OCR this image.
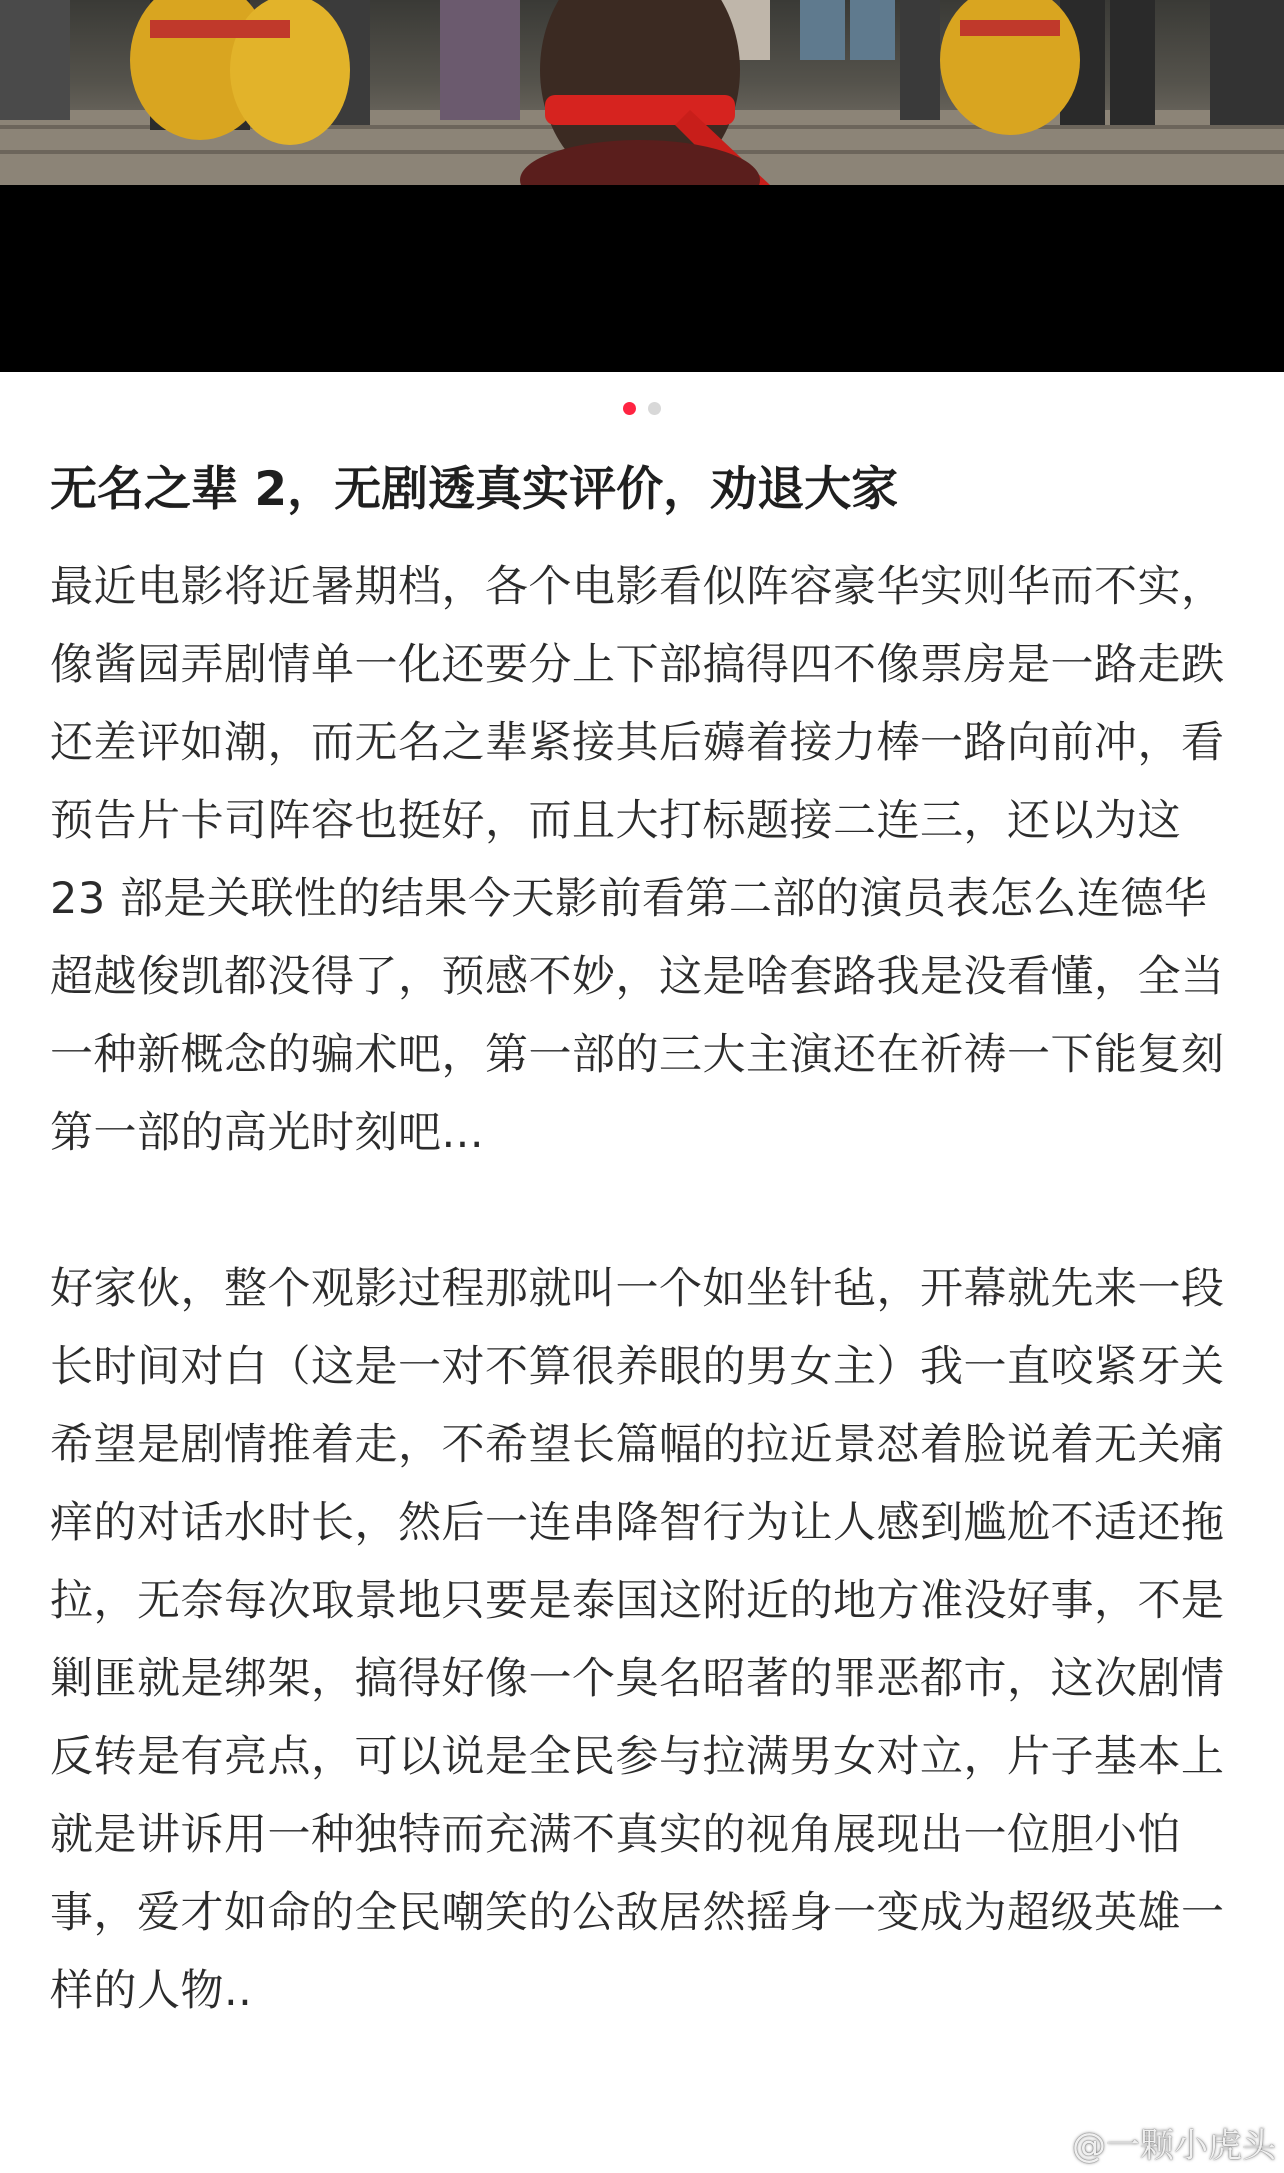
无名之辈 2，无剧透真实评价，劝退大家

最近电影将近暑期档，各个电影看似阵容豪华实则华而不实，像酱园弄剧情单一化还要分上下部搞得四不像票房是一路走跌还差评如潮，而无名之辈紧接其后薅着接力棒一路向前冲，看预告片卡司阵容也挺好，而且大打标题接二连三，还以为这 23 部是关联性的结果今天影前看第二部的演员表怎么连德华超越俊凯都没得了，预感不妙，这是啥套路我是没看懂，全当一种新概念的骗术吧，第一部的三大主演还在祈祷一下能复刻第一部的高光时刻吧...

好家伙，整个观影过程那就叫一个如坐针毡，开幕就先来一段长时间对白（这是一对不算很养眼的男女主）我一直咬紧牙关希望是剧情推着走，不希望长篇幅的拉近景怼着脸说着无关痛痒的对话水时长，然后一连串降智行为让人感到尴尬不适还拖拉，无奈每次取景地只要是泰国这附近的地方准没好事，不是剿匪就是绑架，搞得好像一个臭名昭著的罪恶都市，这次剧情反转是有亮点，可以说是全民参与拉满男女对立，片子基本上就是讲诉用一种独特而充满不真实的视角展现出一位胆小怕事，爱才如命的全民嘲笑的公敌居然摇身一变成为超级英雄一样的人物..

@一颗小虎头
